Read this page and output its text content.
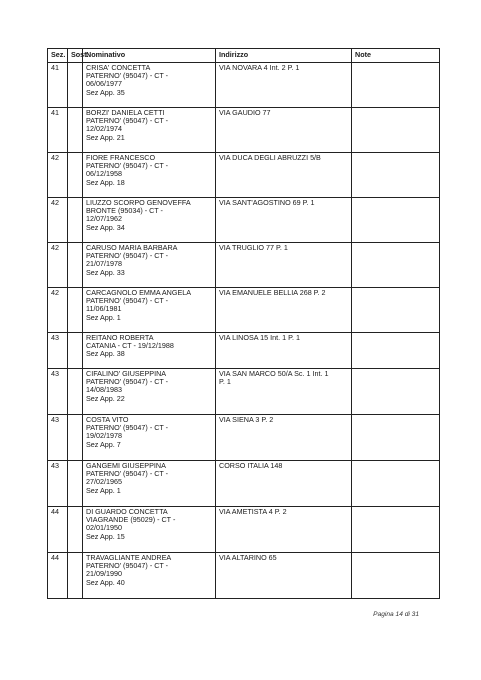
Sez.	Sost.	Nominativo	Indirizzo	Note
41		CRISA' CONCETTA
PATERNO' (95047) - CT -
06/06/1977
Sez App. 35	VIA NOVARA 4 Int. 2 P. 1	

41		BORZI' DANIELA CETTI
PATERNO' (95047) - CT -
12/02/1974
Sez App. 21	VIA GAUDIO 77	

42		FIORE FRANCESCO
PATERNO' (95047) - CT -
06/12/1958
Sez App. 18	VIA DUCA DEGLI ABRUZZI 5/B	

42		LIUZZO SCORPO GENOVEFFA
BRONTE (95034) - CT -
12/07/1962
Sez App. 34	VIA SANT'AGOSTINO 69 P. 1	

42		CARUSO MARIA BARBARA
PATERNO' (95047) - CT -
21/07/1978
Sez App. 33	VIA TRUGLIO 77 P. 1	

42		CARCAGNOLO EMMA ANGELA
PATERNO' (95047) - CT -
11/06/1981
Sez App. 1	VIA EMANUELE BELLIA 268 P. 2	

43		REITANO ROBERTA
CATANIA - CT - 19/12/1988
Sez App. 38	VIA LINOSA 15 Int. 1 P. 1	

43		CIFALINO' GIUSEPPINA
PATERNO' (95047) - CT -
14/08/1983
Sez App. 22	VIA SAN MARCO 50/A Sc. 1 Int. 1
P. 1	

43		COSTA VITO
PATERNO' (95047) - CT -
19/02/1978
Sez App. 7	VIA SIENA 3 P. 2	

43		GANGEMI GIUSEPPINA
PATERNO' (95047) - CT -
27/02/1965
Sez App. 1	CORSO ITALIA 148	

44		DI GUARDO CONCETTA
VIAGRANDE (95029) - CT -
02/01/1950
Sez App. 15	VIA AMETISTA 4 P. 2	

44		TRAVAGLIANTE ANDREA
PATERNO' (95047) - CT -
21/09/1990
Sez App. 40	VIA ALTARINO 65	

Pagina 14 di 31
